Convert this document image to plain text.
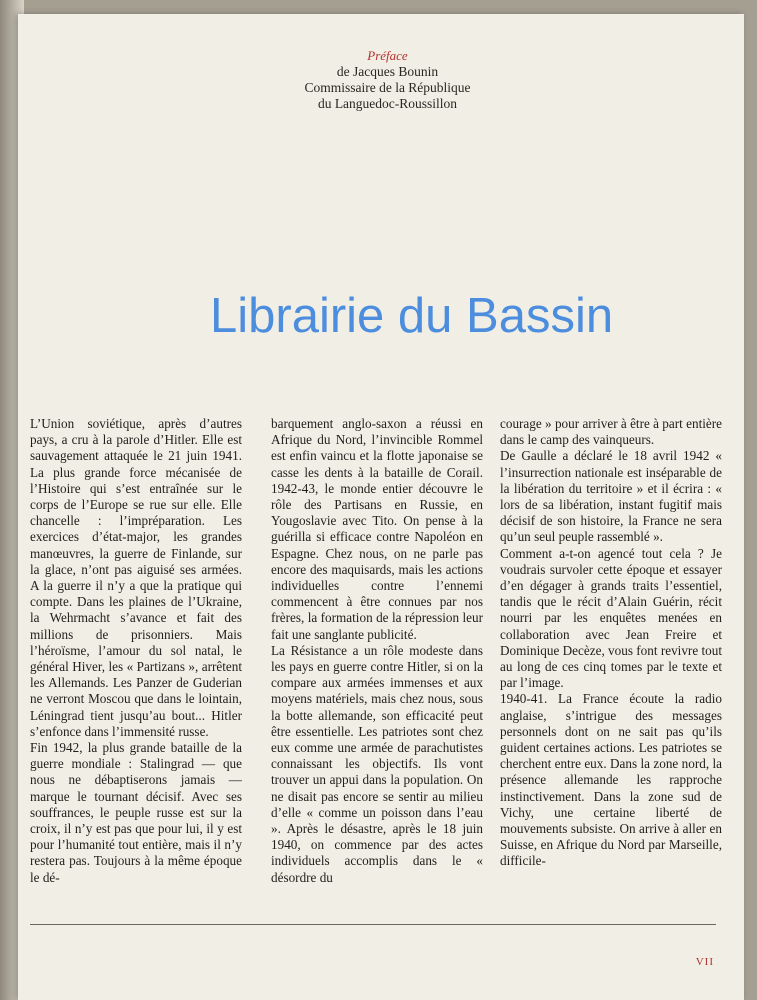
Préface
de Jacques Bounin
Commissaire de la République
du Languedoc-Roussillon

L’Union soviétique, après d’autres pays, a cru à la parole d’Hitler. Elle est sauvagement attaquée le 21 juin 1941. La plus grande force mécanisée de l’Histoire qui s’est entraînée sur le corps de l’Europe se rue sur elle. Elle chancelle : l’impréparation. Les exercices d’état-major, les grandes manœuvres, la guerre de Finlande, sur la glace, n’ont pas aiguisé ses armées. A la guerre il n’y a que la pratique qui compte. Dans les plaines de l’Ukraine, la Wehrmacht s’avance et fait des millions de prisonniers. Mais l’héroïsme, l’amour du sol natal, le général Hiver, les « Partizans », arrêtent les Allemands. Les Panzer de Guderian ne verront Moscou que dans le lointain, Léningrad tient jusqu’au bout... Hitler s’enfonce dans l’immensité russe.

Fin 1942, la plus grande bataille de la guerre mondiale : Stalingrad — que nous ne débaptiserons jamais — marque le tournant décisif. Avec ses souffrances, le peuple russe est sur la croix, il n’y est pas que pour lui, il y est pour l’humanité tout entière, mais il n’y restera pas. Toujours à la même époque le dé-

barquement anglo-saxon a réussi en Afrique du Nord, l’invincible Rommel est enfin vaincu et la flotte japonaise se casse les dents à la bataille de Corail. 1942-43, le monde entier découvre le rôle des Partisans en Russie, en Yougoslavie avec Tito. On pense à la guérilla si efficace contre Napoléon en Espagne. Chez nous, on ne parle pas encore des maquisards, mais les actions individuelles contre l’ennemi commencent à être connues par nos frères, la formation de la répression leur fait une sanglante publicité.

La Résistance a un rôle modeste dans les pays en guerre contre Hitler, si on la compare aux armées immenses et aux moyens matériels, mais chez nous, sous la botte allemande, son efficacité peut être essentielle. Les patriotes sont chez eux comme une armée de parachutistes connaissant les objectifs. Ils vont trouver un appui dans la population. On ne disait pas encore se sentir au milieu d’elle « comme un poisson dans l’eau ». Après le désastre, après le 18 juin 1940, on commence par des actes individuels accomplis dans le « désordre du

courage » pour arriver à être à part entière dans le camp des vainqueurs.

De Gaulle a déclaré le 18 avril 1942 « l’insurrection nationale est inséparable de la libération du territoire » et il écrira : « lors de sa libération, instant fugitif mais décisif de son histoire, la France ne sera qu’un seul peuple rassemblé ».

Comment a-t-on agencé tout cela ? Je voudrais survoler cette époque et essayer d’en dégager à grands traits l’essentiel, tandis que le récit d’Alain Guérin, récit nourri par les enquêtes menées en collaboration avec Jean Freire et Dominique Decèze, vous font revivre tout au long de ces cinq tomes par le texte et par l’image.

1940-41. La France écoute la radio anglaise, s’intrigue des messages personnels dont on ne sait pas qu’ils guident certaines actions. Les patriotes se cherchent entre eux. Dans la zone nord, la présence allemande les rapproche instinctivement. Dans la zone sud de Vichy, une certaine liberté de mouvements subsiste. On arrive à aller en Suisse, en Afrique du Nord par Marseille, difficile-

VII
Librairie du Bassin
